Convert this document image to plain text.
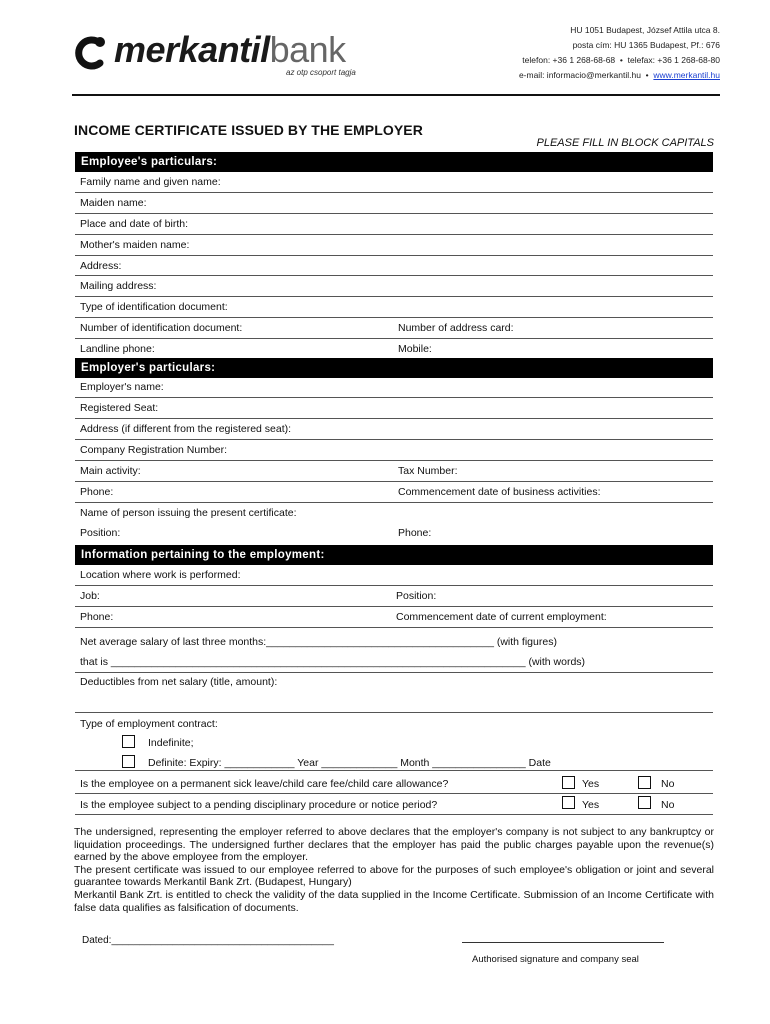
merkantilbank
az otp csoport tagja
HU 1051 Budapest, József Attila utca 8.
posta cím: HU 1365 Budapest, Pf.: 676
telefon: +36 1 268-68-68  •  telefax: +36 1 268-68-80
e-mail: informacio@merkantil.hu  •  www.merkantil.hu
INCOME CERTIFICATE ISSUED BY THE EMPLOYER
PLEASE FILL IN BLOCK CAPITALS
Employee's particulars:
Family name and given name:
Maiden name:
Place and date of birth:
Mother's maiden name:
Address:
Mailing address:
Type of identification document:
Number of identification document:	Number of address card:
Landline phone:	Mobile:
Employer's particulars:
Employer's name:
Registered Seat:
Address (if different from the registered seat):
Company Registration Number:
Main activity:	Tax Number:
Phone:	Commencement date of business activities:
Name of person issuing the present certificate:
Position:	Phone:
Information pertaining to the employment:
Location where work is performed:
Job:	Position:
Phone:	Commencement date of current employment:
Net average salary of last three months:_______________________________________ (with figures)
that is _______________________________________________________________________ (with words)
Deductibles from net salary (title, amount):
Type of employment contract:
Indefinite;
Definite: Expiry: ____________ Year _____________ Month ________________ Date
Is the employee on a permanent sick leave/child care fee/child care allowance?	Yes	No
Is the employee subject to a pending disciplinary procedure or notice period?	Yes	No

The undersigned, representing the employer referred to above declares that the employer's company is not subject to any bankruptcy or liquidation proceedings. The undersigned further declares that the employer has paid the public charges payable upon the revenue(s) earned by the above employee from the employer.

The present certificate was issued to our employee referred to above for the purposes of such employee's obligation or joint and several guarantee towards Merkantil Bank Zrt. (Budapest, Hungary)

Merkantil Bank Zrt. is entitled to check the validity of the data supplied in the Income Certificate. Submission of an Income Certificate with false data qualifies as falsification of documents.

Dated:________________________________________
Authorised signature and company seal
